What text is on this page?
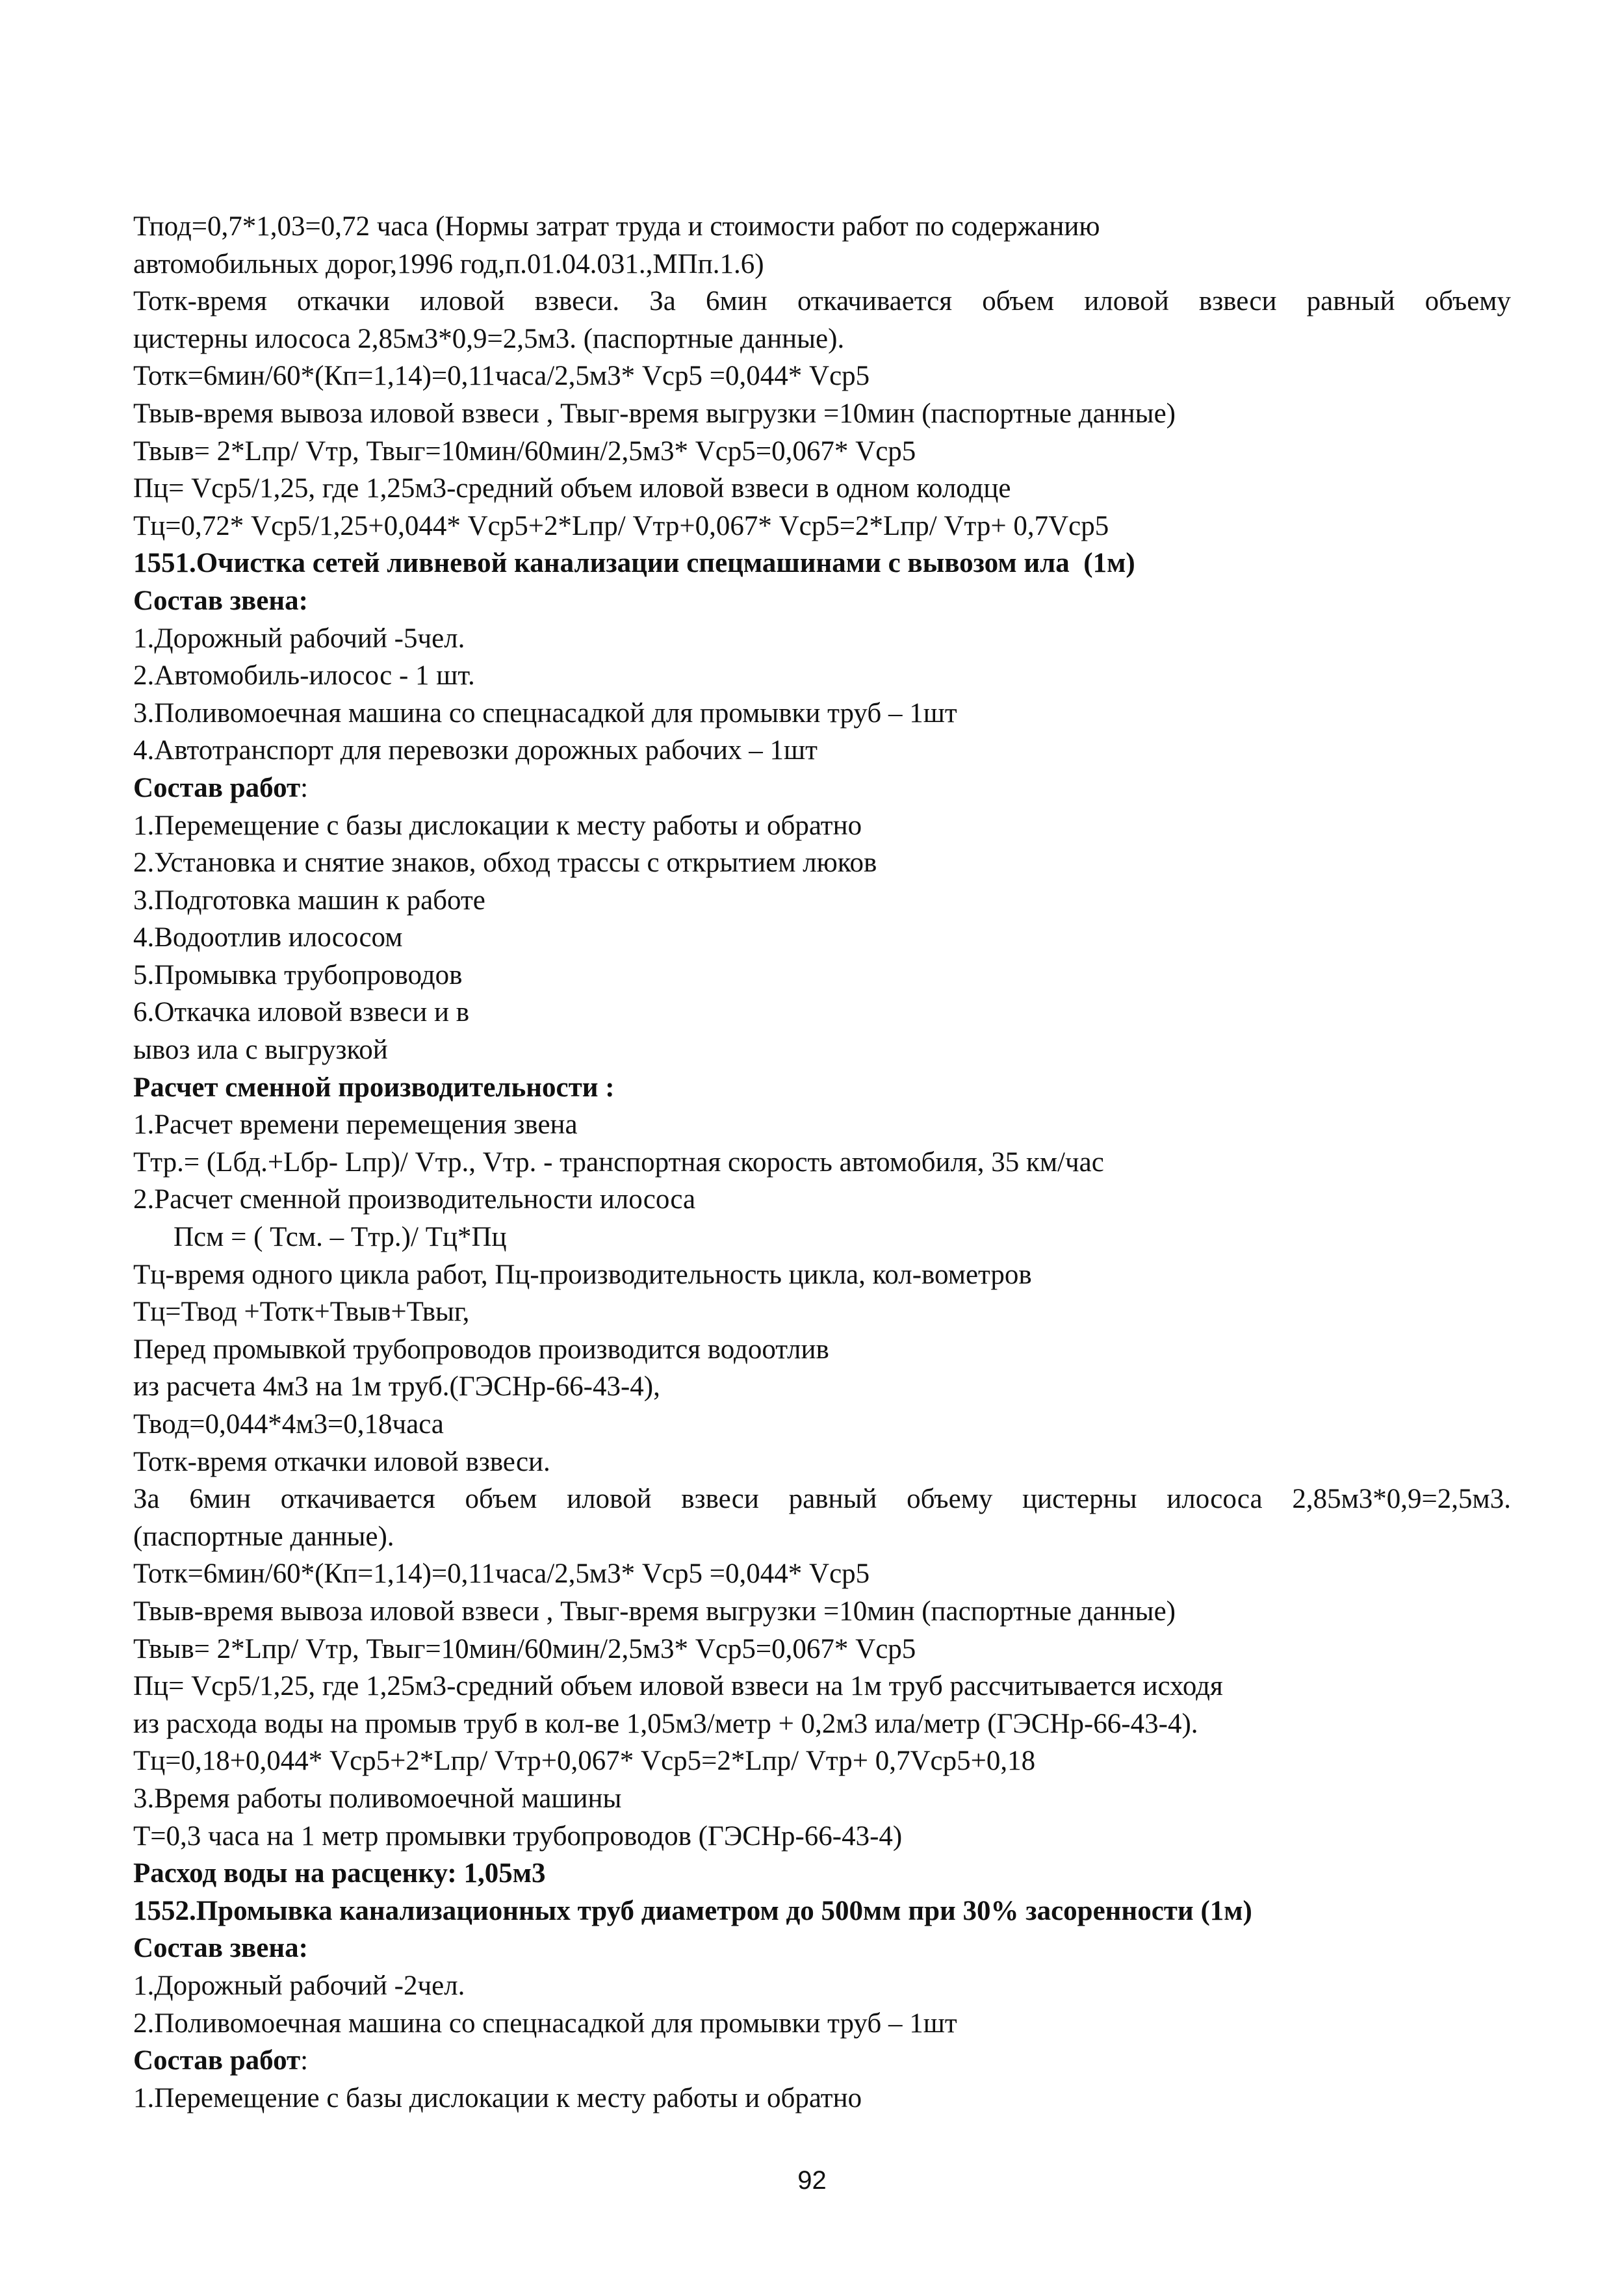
Тпод=0,7*1,03=0,72 часа (Нормы затрат труда и стоимости работ по содержанию
автомобильных дорог,1996 год,п.01.04.031.,МПп.1.6)
Тотк-время откачки иловой взвеси. За 6мин откачивается объем иловой взвеси равный объему
цистерны илососа 2,85м3*0,9=2,5м3. (паспортные данные).
Тотк=6мин/60*(Кп=1,14)=0,11часа/2,5м3* Vср5 =0,044* Vср5
Твыв-время вывоза иловой взвеси , Твыг-время выгрузки =10мин (паспортные данные)
Твыв= 2*Lпр/ Vтр, Твыг=10мин/60мин/2,5м3* Vср5=0,067* Vср5
Пц= Vср5/1,25, где 1,25м3-средний объем иловой взвеси в одном колодце
Тц=0,72* Vср5/1,25+0,044* Vср5+2*Lпр/ Vтр+0,067* Vср5=2*Lпр/ Vтр+ 0,7Vср5
1551.Очистка сетей ливневой канализации спецмашинами с вывозом ила  (1м)
Состав звена:
1.Дорожный рабочий -5чел.
2.Автомобиль-илосос - 1 шт.
3.Поливомоечная машина со спецнасадкой для промывки труб – 1шт
4.Автотранспорт для перевозки дорожных рабочих – 1шт
Состав работ:
1.Перемещение с базы дислокации к месту работы и обратно
2.Установка и снятие знаков, обход трассы с открытием люков
3.Подготовка машин к работе
4.Водоотлив илососом
5.Промывка трубопроводов
6.Откачка иловой взвеси и в
ывоз ила с выгрузкой
Расчет сменной производительности :
1.Расчет времени перемещения звена
Ттр.= (Lбд.+Lбр- Lпр)/ Vтр., Vтр. - транспортная скорость автомобиля, 35 км/час
2.Расчет сменной производительности илососа
Псм = ( Тсм. – Ттр.)/ Тц*Пц
Тц-время одного цикла работ, Пц-производительность цикла, кол-вометров
Тц=Твод +Тотк+Твыв+Твыг,
Перед промывкой трубопроводов производится водоотлив
из расчета 4м3 на 1м труб.(ГЭСНр-66-43-4),
Твод=0,044*4м3=0,18часа
Тотк-время откачки иловой взвеси.
За 6мин откачивается объем иловой взвеси равный объему цистерны илососа 2,85м3*0,9=2,5м3.
(паспортные данные).
Тотк=6мин/60*(Кп=1,14)=0,11часа/2,5м3* Vср5 =0,044* Vср5
Твыв-время вывоза иловой взвеси , Твыг-время выгрузки =10мин (паспортные данные)
Твыв= 2*Lпр/ Vтр, Твыг=10мин/60мин/2,5м3* Vср5=0,067* Vср5
Пц= Vср5/1,25, где 1,25м3-средний объем иловой взвеси на 1м труб рассчитывается исходя
из расхода воды на промыв труб в кол-ве 1,05м3/метр + 0,2м3 ила/метр (ГЭСНр-66-43-4).
Тц=0,18+0,044* Vср5+2*Lпр/ Vтр+0,067* Vср5=2*Lпр/ Vтр+ 0,7Vср5+0,18
3.Время работы поливомоечной машины
Т=0,3 часа на 1 метр промывки трубопроводов (ГЭСНр-66-43-4)
Расход воды на расценку: 1,05м3
1552.Промывка канализационных труб диаметром до 500мм при 30% засоренности (1м)
Состав звена:
1.Дорожный рабочий -2чел.
2.Поливомоечная машина со спецнасадкой для промывки труб – 1шт
Состав работ:
1.Перемещение с базы дислокации к месту работы и обратно
92
